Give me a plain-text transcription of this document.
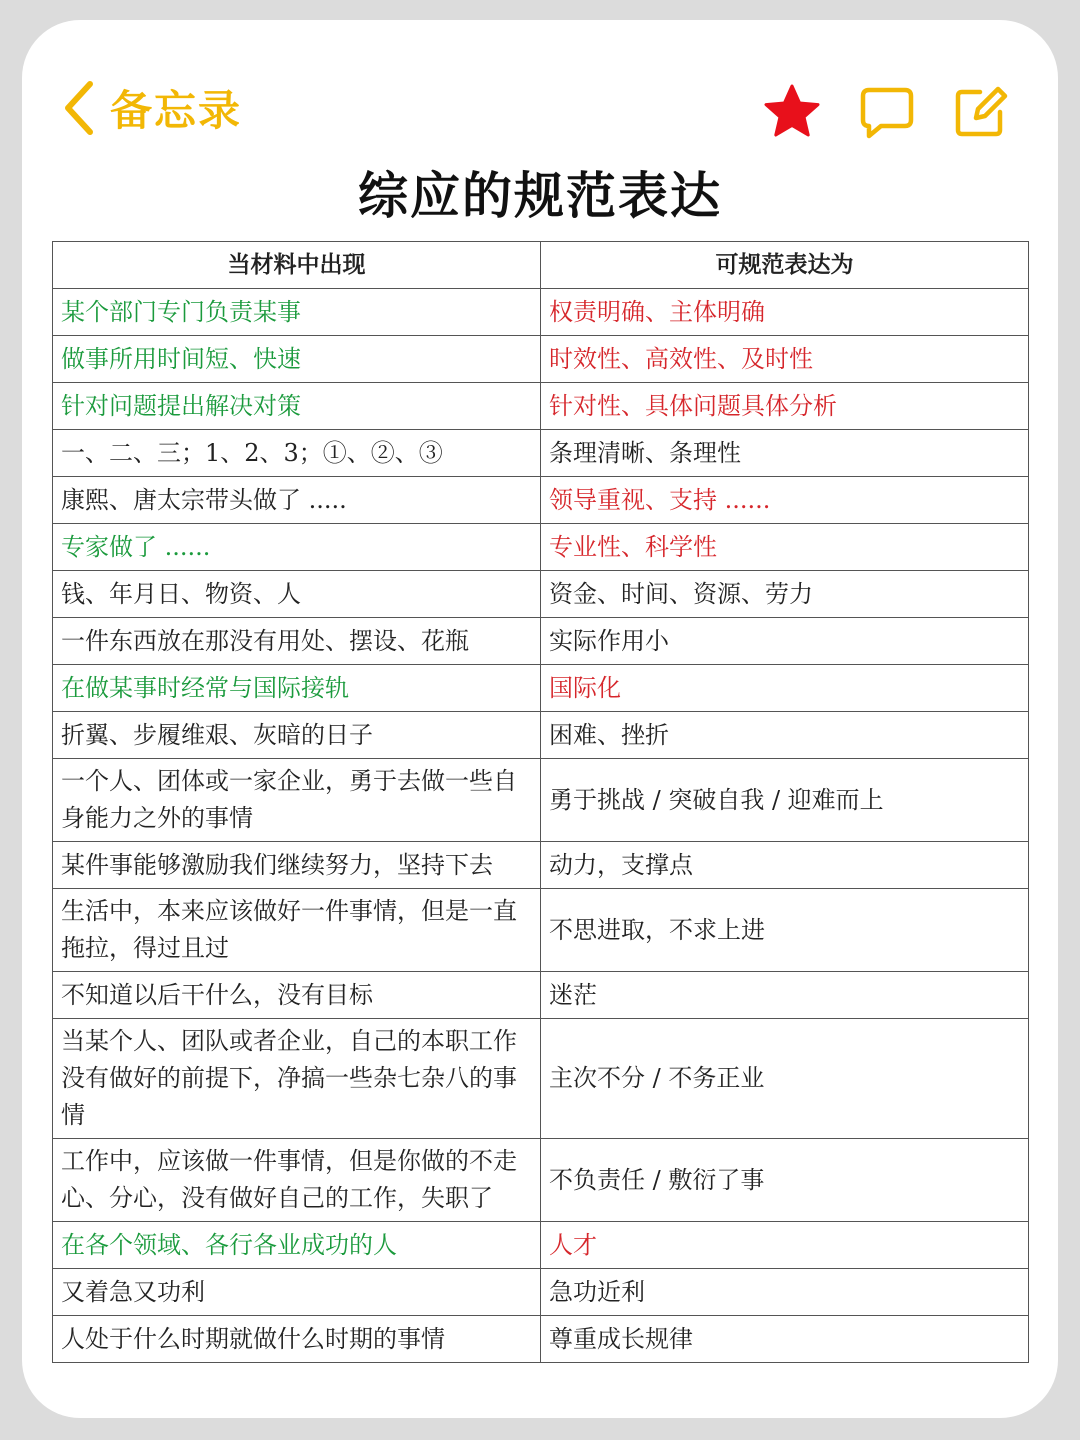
备忘录
综应的规范表达
当材料中出现	可规范表达为
某个部门专门负责某事	权责明确、主体明确
做事所用时间短、快速	时效性、高效性、及时性
针对问题提出解决对策	针对性、具体问题具体分析
一、二、三；1、2、3；①、②、③	条理清晰、条理性
康熙、唐太宗带头做了 .....	领导重视、支持 ......
专家做了 ......	专业性、科学性
钱、年月日、物资、人	资金、时间、资源、劳力
一件东西放在那没有用处、摆设、花瓶	实际作用小
在做某事时经常与国际接轨	国际化
折翼、步履维艰、灰暗的日子	困难、挫折
一个人、团体或一家企业，勇于去做一些自身能力之外的事情	勇于挑战 / 突破自我 / 迎难而上
某件事能够激励我们继续努力，坚持下去	动力，支撑点
生活中，本来应该做好一件事情，但是一直拖拉，得过且过	不思进取，不求上进
不知道以后干什么，没有目标	迷茫
当某个人、团队或者企业，自己的本职工作没有做好的前提下，净搞一些杂七杂八的事情	主次不分 / 不务正业
工作中，应该做一件事情，但是你做的不走心、分心，没有做好自己的工作，失职了	不负责任 / 敷衍了事
在各个领域、各行各业成功的人	人才
又着急又功利	急功近利
人处于什么时期就做什么时期的事情	尊重成长规律
